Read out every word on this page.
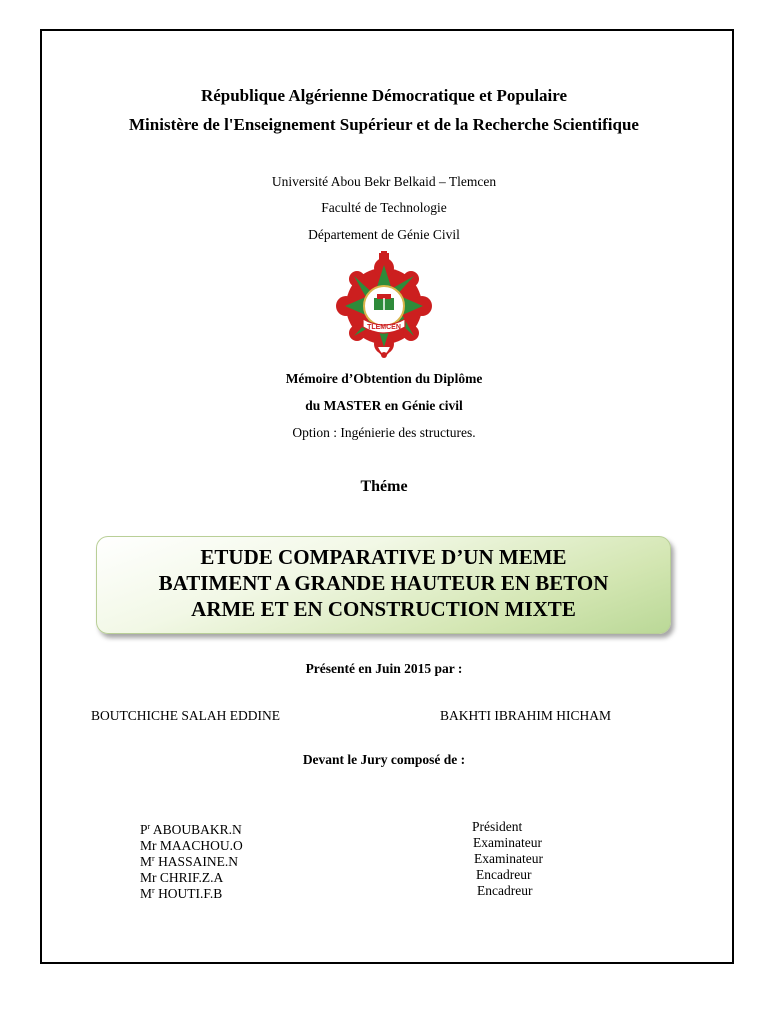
République Algérienne Démocratique et Populaire
Ministère de l'Enseignement Supérieur et de la Recherche Scientifique
Université Abou Bekr Belkaid – Tlemcen
Faculté de Technologie
Département de Génie Civil
TLEMCEN
Mémoire d’Obtention du Diplôme
du MASTER en Génie civil
Option : Ingénierie des structures.
Théme
ETUDE COMPARATIVE D’UN MEME
BATIMENT A GRANDE HAUTEUR EN BETON
ARME ET EN CONSTRUCTION MIXTE
Présenté en Juin 2015 par :
BOUTCHICHE SALAH EDDINE	BAKHTI IBRAHIM HICHAM
Devant le Jury composé de :
$P^r$ ABOUBAKR.N	Président
Mr MAACHOU.O	Examinateur
$M^r$ HASSAINE.N	Examinateur
Mr CHRIF.Z.A	Encadreur
$M^r$ HOUTI.F.B	Encadreur
